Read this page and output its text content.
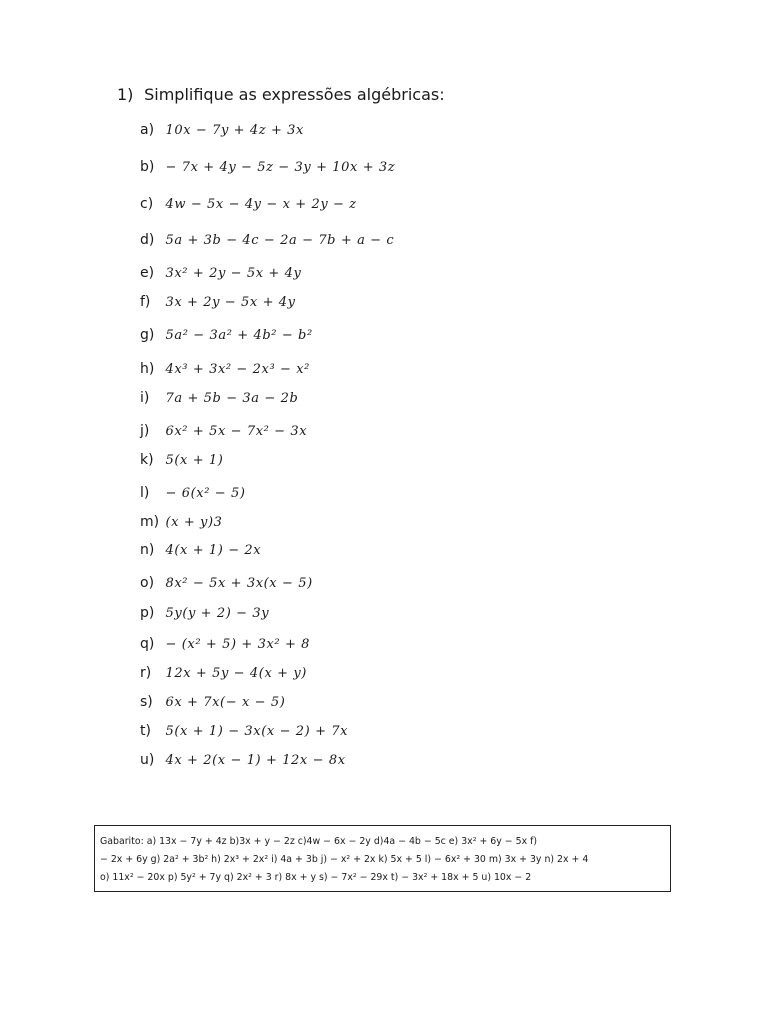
1) Simplifique as expressões algébricas:
a) 10x − 7y + 4z + 3x
b) − 7x + 4y − 5z − 3y + 10x + 3z
c) 4w − 5x − 4y − x + 2y − z
d) 5a + 3b − 4c − 2a − 7b + a − c
e) 3x² + 2y − 5x + 4y
f) 3x + 2y − 5x + 4y
g) 5a² − 3a² + 4b² − b²
h) 4x³ + 3x² − 2x³ − x²
i) 7a + 5b − 3a − 2b
j) 6x² + 5x − 7x² − 3x
k) 5(x + 1)
l) − 6(x² − 5)
m) (x + y)3
n) 4(x + 1) − 2x
o) 8x² − 5x + 3x(x − 5)
p) 5y(y + 2) − 3y
q) − (x² + 5) + 3x² + 8
r) 12x + 5y − 4(x + y)
s) 6x + 7x(− x − 5)
t) 5(x + 1) − 3x(x − 2) + 7x
u) 4x + 2(x − 1) + 12x − 8x
Gabarito: a) 13x − 7y + 4z b)3x + y − 2z c)4w − 6x − 2y d)4a − 4b − 5c e) 3x² + 6y − 5x f)
− 2x + 6y g) 2a² + 3b² h) 2x³ + 2x² i) 4a + 3b j) − x² + 2x k) 5x + 5 l) − 6x² + 30 m) 3x + 3y n) 2x + 4
o) 11x² − 20x p) 5y² + 7y q) 2x² + 3 r) 8x + y s) − 7x² − 29x t) − 3x² + 18x + 5 u) 10x − 2
